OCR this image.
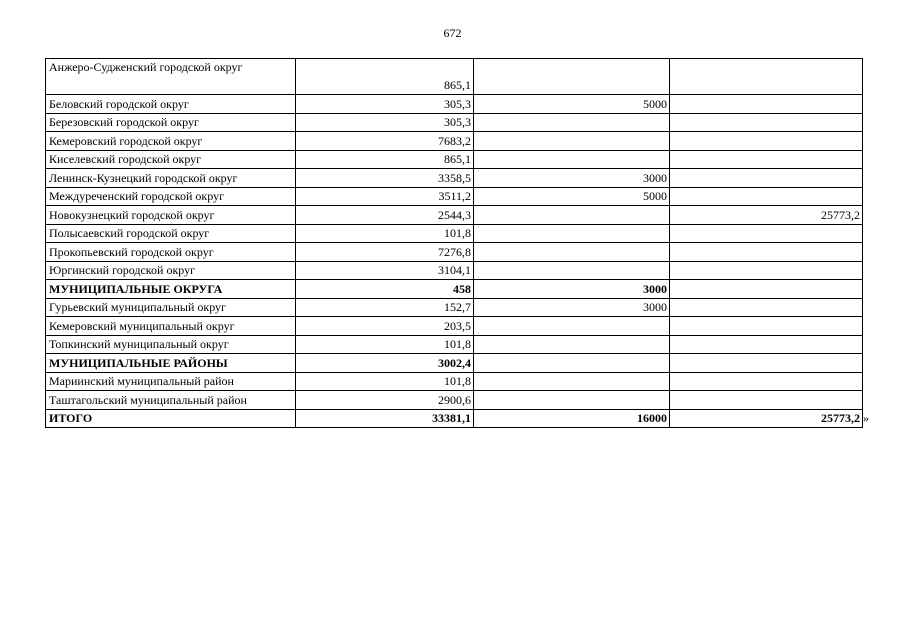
672
Анжеро-Судженский городской округ	865,1		
Беловский городской округ	305,3	5000	
Березовский городской округ	305,3		
Кемеровский городской округ	7683,2		
Киселевский городской округ	865,1		
Ленинск-Кузнецкий городской округ	3358,5	3000	
Междуреченский городской округ	3511,2	5000	
Новокузнецкий городской округ	2544,3		25773,2
Полысаевский городской округ	101,8		
Прокопьевский городской округ	7276,8		
Юргинский городской округ	3104,1		
МУНИЦИПАЛЬНЫЕ ОКРУГА	458	3000	
Гурьевский муниципальный округ	152,7	3000	
Кемеровский муниципальный округ	203,5		
Топкинский муниципальный округ	101,8		
МУНИЦИПАЛЬНЫЕ РАЙОНЫ	3002,4		
Мариинский муниципальный район	101,8		
Таштагольский муниципальный район	2900,6		
ИТОГО	33381,1	16000	25773,2 »
